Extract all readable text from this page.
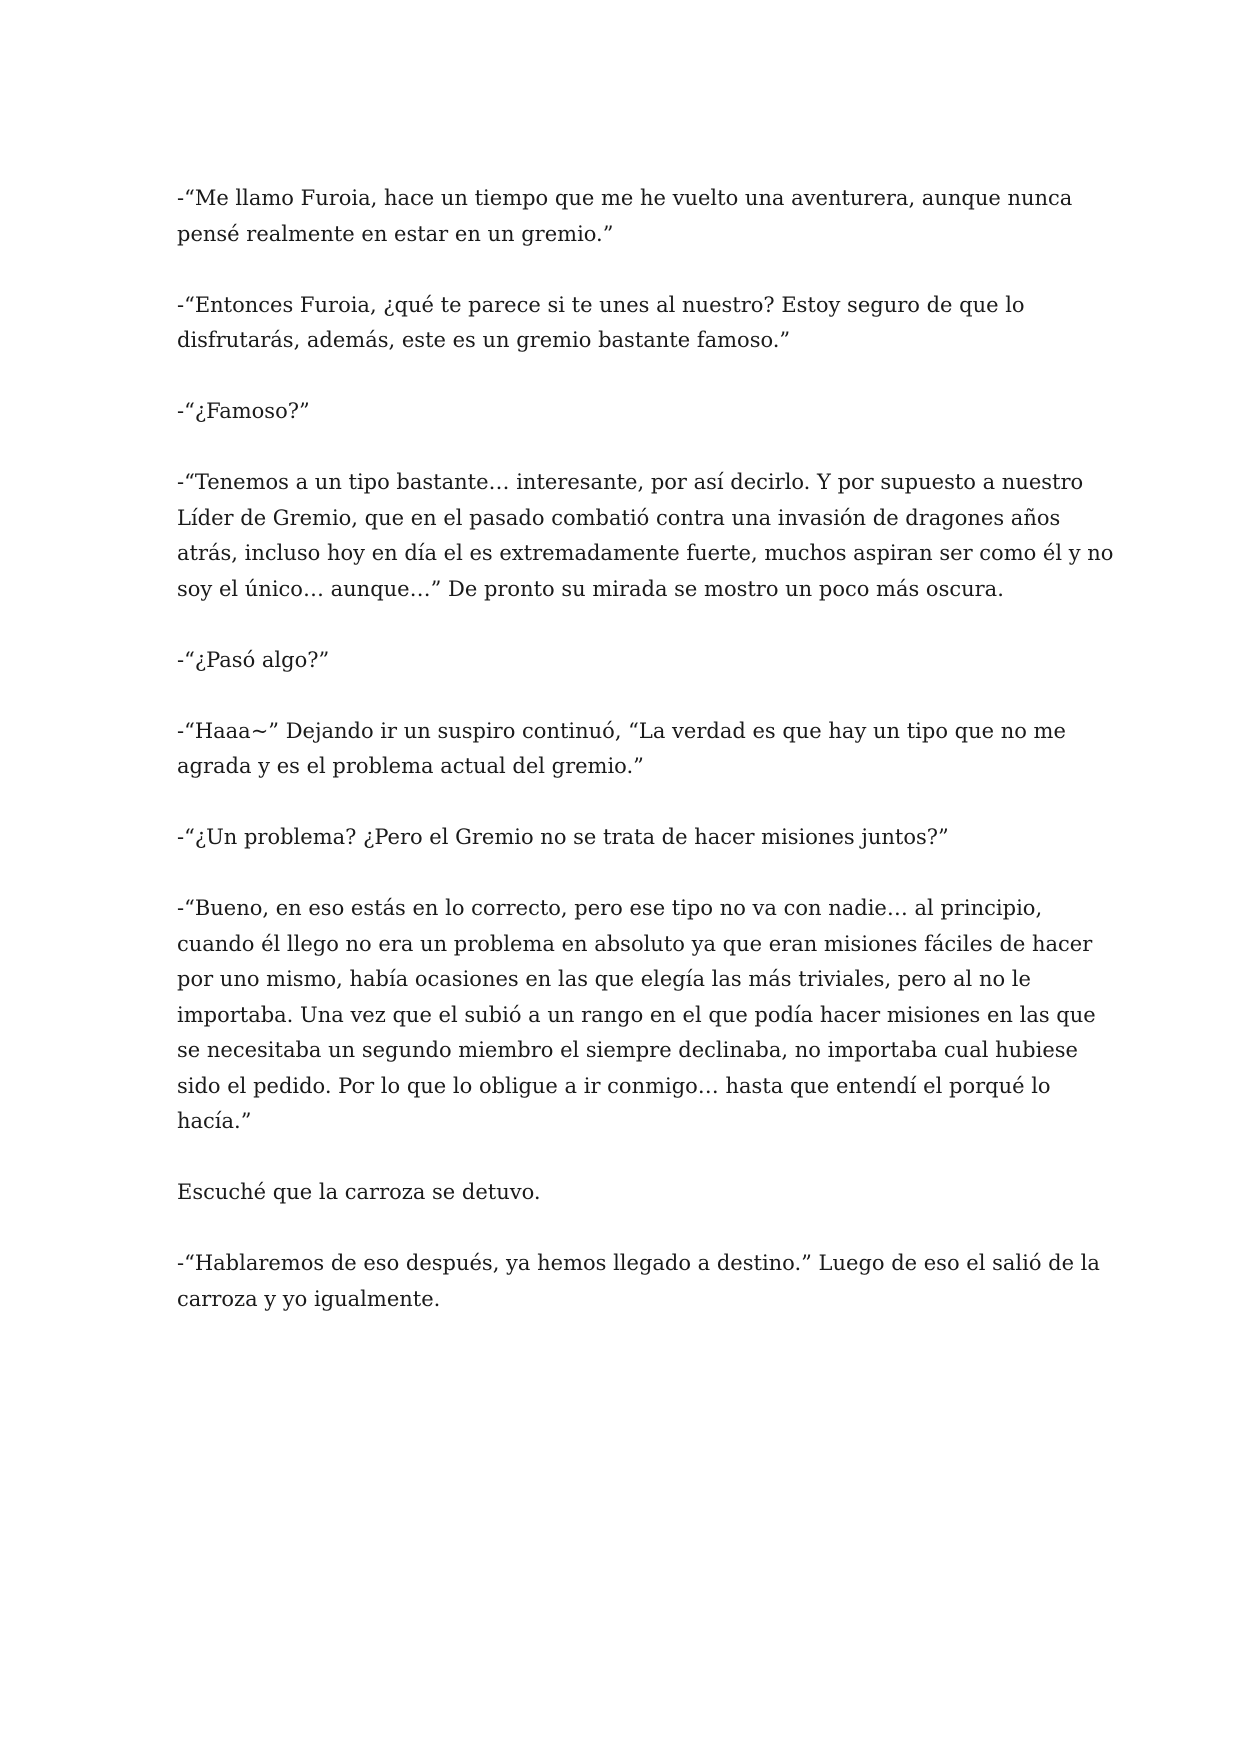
-“Me llamo Furoia, hace un tiempo que me he vuelto una aventurera, aunque nunca
pensé realmente en estar en un gremio.”

-“Entonces Furoia, ¿qué te parece si te unes al nuestro? Estoy seguro de que lo
disfrutarás, además, este es un gremio bastante famoso.”

-“¿Famoso?”

-“Tenemos a un tipo bastante… interesante, por así decirlo. Y por supuesto a nuestro
Líder de Gremio, que en el pasado combatió contra una invasión de dragones años
atrás, incluso hoy en día el es extremadamente fuerte, muchos aspiran ser como él y no
soy el único… aunque…” De pronto su mirada se mostro un poco más oscura.

-“¿Pasó algo?”

-“Haaa~” Dejando ir un suspiro continuó, “La verdad es que hay un tipo que no me
agrada y es el problema actual del gremio.”

-“¿Un problema? ¿Pero el Gremio no se trata de hacer misiones juntos?”

-“Bueno, en eso estás en lo correcto, pero ese tipo no va con nadie… al principio,
cuando él llego no era un problema en absoluto ya que eran misiones fáciles de hacer
por uno mismo, había ocasiones en las que elegía las más triviales, pero al no le
importaba. Una vez que el subió a un rango en el que podía hacer misiones en las que
se necesitaba un segundo miembro el siempre declinaba, no importaba cual hubiese
sido el pedido. Por lo que lo obligue a ir conmigo… hasta que entendí el porqué lo
hacía.”

Escuché que la carroza se detuvo.

-“Hablaremos de eso después, ya hemos llegado a destino.” Luego de eso el salió de la
carroza y yo igualmente.
